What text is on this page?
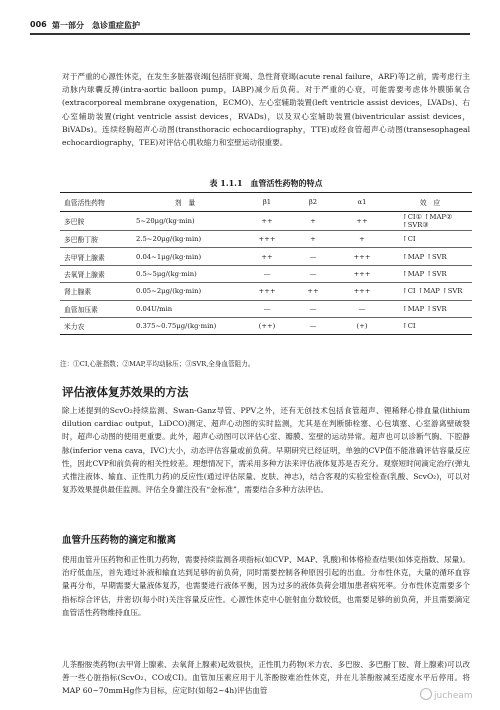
006 第一部分　急诊重症监护

对于严重的心源性休克，在发生多脏器衰竭[包括肝衰竭、急性肾衰竭(acute renal failure，ARF)等]之前，需考虑行主动脉内球囊反搏(intra-aortic balloon pump，IABP)减少后负荷。对于严重的心衰，可能需要考虑体外膜肺氧合(extracorporeal membrane oxygenation，ECMO)、左心室辅助装置(left ventricle assist devices，LVADs)、右心室辅助装置(right ventricle assist devices，RVADs)，以及双心室辅助装置(biventricular assist devices，BiVADs)。连续经胸超声心动图(transthoracic echocardiography，TTE)或经食管超声心动图(transesophageal echocardiography，TEE)对评估心肌收缩力和室壁运动很重要。

表 1.1.1　血管活性药物的特点
血管活性药物	剂　量	β1	β2	α1	效　应
多巴胺	5~20μg/(kg·min)	++	+	++	↑CI① ↑MAP② ↑SVR③
多巴酚丁胺	2.5~20μg/(kg·min)	+++	+	+	↑CI
去甲肾上腺素	0.04~1μg/(kg·min)	++	—	+++	↑MAP ↑SVR
去氧肾上腺素	0.5~5μg/(kg·min)	—	—	+++	↑MAP ↑SVR
肾上腺素	0.05~2μg/(kg·min)	+++	++	+++	↑CI ↑MAP ↑SVR
血管加压素	0.04U/min	—	—	—	↑MAP ↑SVR
米力农	0.375~0.75μg/(kg·min)	(++)	—	(+)	↑CI
注：①CI,心脏指数；②MAP,平均动脉压；③SVR,全身血管阻力。
评估液体复苏效果的方法

除上述提到的ScvO₂持续监测、Swan-Ganz导管、PPV之外，还有无创技术包括食管超声、锂稀释心排血量(lithium dilution cardiac output，LiDCO)测定、超声心动图的实时监测，尤其是在判断肺栓塞、心包填塞、心室游离壁破裂时，超声心动图的使用更重要。此外，超声心动图可以评估心室、瓣膜、室壁的运动异常。超声也可以诊断气胸、下腔静脉(inferior vena cava，IVC)大小，动态评估容量或前负荷。早期研究已经证明，单独的CVP值不能准确评估容量反应性，因此CVP和前负荷的相关性较差。理想情况下，需采用多种方法来评估液体复苏是否充分。观察短时间滴定治疗(弹丸式推注液体、输血、正性肌力药)的反应性(通过评估尿量、皮肤、神志)，结合客观的实验室检查(乳酸、ScvO₂)，可以对复苏效果提供最佳监测。评估全身灌注没有“金标准”，需要结合多种方法评估。

血管升压药物的滴定和撤离

使用血管升压药物和正性肌力药物，需要持续监测各项指标(如CVP、MAP、乳酸)和体格检查结果(如体克指数、尿量)。治疗低血压，首先通过补液和输血达到足够的前负荷，同时需要控制各种原因引起的出血。分布性休克，大量的循环血容量再分布，早期需要大量液体复苏，也需要进行液体平衡，因为过多的液体负荷会增加患者病死率。分布性休克需要多个指标综合评估，并密切(每小时)关注容量反应性。心源性休克中心脏射血分数较低，也需要足够的前负荷，并且需要滴定血管活性药物维持血压。

儿茶酚胺类药物(去甲肾上腺素、去氧肾上腺素)起效很快，正性肌力药物(米力农、多巴胺、多巴酚丁胺、肾上腺素)可以改善一些心脏指标(ScvO₂、CO或CI)。血管加压素应用于儿茶酚胺难治性休克，并在儿茶酚胺减至适度水平后停用。将MAP 60~70mmHg作为目标，应定时(如每2~4h)评估血管

jucheam
